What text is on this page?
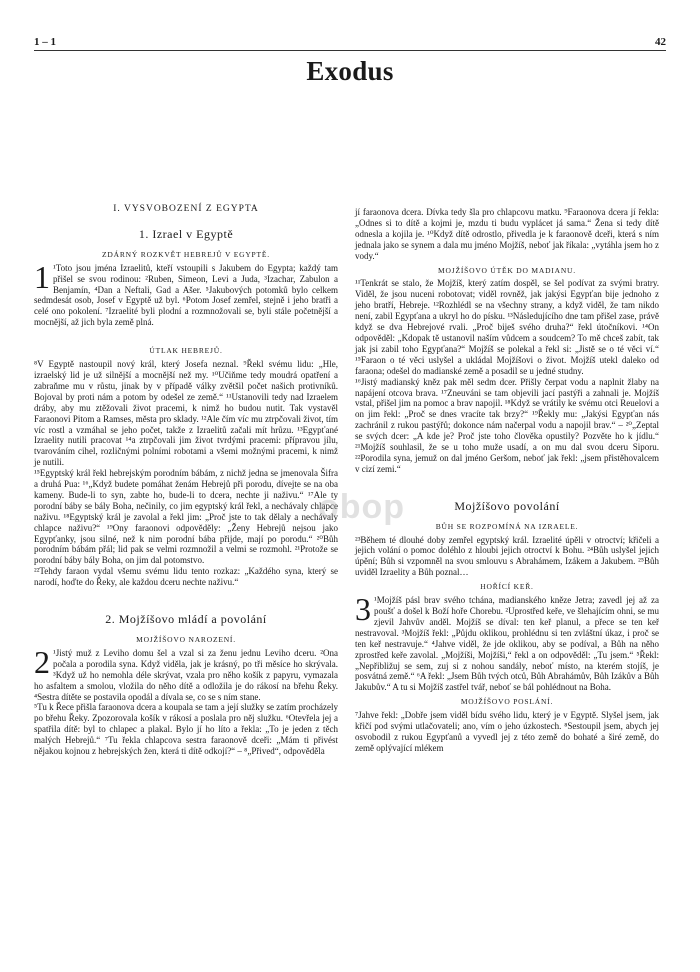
1 – 1	42
Exodus
I. VYSVOBOZENÍ Z EGYPTA
1. Izrael v Egyptě
ZDÁRNÝ ROZKVĚT HEBREJŮ V EGYPTĚ.

1 ¹Toto jsou jména Izraelitů, kteří vstoupili s Jakubem do Egypta; každý tam přišel se svou rodinou: ²Ruben, Simeon, Levi a Juda, ³Izachar, Zabulon a Benjamín, ⁴Dan a Neftali, Gad a Ašer. ⁵Jakubových potomků bylo celkem sedmdesát osob, Josef v Egyptě už byl. ⁶Potom Josef zemřel, stejně i jeho bratři a celé ono pokolení. ⁷Izraelité byli plodní a rozmnožovali se, byli stále početnější a mocnější, až jich byla země plná.

ÚTLAK HEBREJŮ.

⁸V Egyptě nastoupil nový král, který Josefa neznal. ⁹Řekl svému lidu: „Hle, izraelský lid je už silnější a mocnější než my. ¹⁰Učiňme tedy moudrá opatření a zabraňme mu v růstu, jinak by v případě války zvětšil počet našich protivníků. Bojoval by proti nám a potom by odešel ze země.“ ¹¹Ustanovili tedy nad Izraelem dráby, aby mu ztěžovali život pracemi, k nimž ho budou nutit. Tak vystavěl Faraonovi Pitom a Ramses, města pro sklady. ¹²Ale čím víc mu ztrpčovali život, tím víc rostl a vzmáhal se jeho počet, takže z Izraelitů začali mít hrůzu. ¹³Egypťané Izraelity nutili pracovat ¹⁴a ztrpčovali jim život tvrdými pracemi: přípravou jílu, tvarováním cihel, rozličnými polními robotami a všemi možnými pracemi, k nimž je nutili.

¹⁵Egyptský král řekl hebrejským porodním bábám, z nichž jedna se jmenovala Šifra a druhá Pua: ¹⁶„Když budete pomáhat ženám Hebrejů při porodu, dívejte se na oba kameny. Bude-li to syn, zabte ho, bude-li to dcera, nechte ji naživu.“ ¹⁷Ale ty porodní báby se bály Boha, nečinily, co jim egyptský král řekl, a nechávaly chlapce naživu. ¹⁸Egyptský král je zavolal a řekl jim: „Proč jste to tak dělaly a nechávaly chlapce naživu?“ ¹⁹Ony faraonovi odpověděly: „Ženy Hebrejů nejsou jako Egypťanky, jsou silné, než k nim porodní bába přijde, mají po porodu.“ ²⁰Bůh porodním bábám přál; lid pak se velmi rozmnožil a velmi se rozmohl. ²¹Protože se porodní báby bály Boha, on jim dal potomstvo.

²²Tehdy faraon vydal všemu svému lidu tento rozkaz: „Každého syna, který se narodí, hoďte do Řeky, ale každou dceru nechte naživu.“

2. Mojžíšovo mládí a povolání
MOJŽÍŠOVO NAROZENÍ.

2 ¹Jistý muž z Leviho domu šel a vzal si za ženu jednu Leviho dceru. ²Ona počala a porodila syna. Když viděla, jak je krásný, po tři měsíce ho skrývala. ³Když už ho nemohla déle skrývat, vzala pro něho košík z papyru, vymazala ho asfaltem a smolou, vložila do něho dítě a odložila je do rákosí na břehu Řeky. ⁴Sestra dítěte se postavila opodál a dívala se, co se s ním stane.

⁵Tu k Řece přišla faraonova dcera a koupala se tam a její služky se zatím procházely po břehu Řeky. Zpozorovala košík v rákosí a poslala pro něj služku. ⁶Otevřela jej a spatřila dítě: byl to chlapec a plakal. Bylo jí ho líto a řekla: „To je jeden z těch malých Hebrejů.“ ⁷Tu řekla chlapcova sestra faraonově dceři: „Mám ti přivést nějakou kojnou z hebrejských žen, která ti dítě odkojí?“ – ⁸„Přived“, odpověděla

jí faraonova dcera. Dívka tedy šla pro chlapcovu matku. ⁹Faraonova dcera jí řekla: „Odnes si to dítě a kojmi je, mzdu ti budu vyplácet já sama.“ Žena si tedy dítě odnesla a kojila je. ¹⁰Když dítě odrostlo, přivedla je k faraonově dceři, která s ním jednala jako se synem a dala mu jméno Mojžíš, neboť jak říkala: „vytáhla jsem ho z vody.“

MOJŽÍŠOVO ÚTĚK DO MADIANU.

¹¹Tenkrát se stalo, že Mojžíš, který zatím dospěl, se šel podívat za svými bratry. Viděl, že jsou nuceni robotovat; viděl rovněž, jak jakýsi Egypťan bije jednoho z jeho bratří, Hebreje. ¹²Rozhlédl se na všechny strany, a když viděl, že tam nikdo není, zabil Egypťana a ukryl ho do písku. ¹³Následujícího dne tam přišel zase, právě když se dva Hebrejové rvali. „Proč biješ svého druha?“ řekl útočníkovi. ¹⁴On odpověděl: „Kdopak tě ustanovil naším vůdcem a soudcem? To mě chceš zabít, tak jak jsi zabil toho Egypťana?“ Mojžíš se polekal a řekl si: „Jistě se o té věci ví.“ ¹⁵Faraon o té věci uslyšel a ukládal Mojžíšovi o život. Mojžíš utekl daleko od faraona; odešel do madianské země a posadil se u jedné studny.

¹⁶Jistý madianský kněz pak měl sedm dcer. Přišly čerpat vodu a naplnit žlaby na napájení otcova brava. ¹⁷Zneuváni se tam objevili jací pastýři a zahnali je. Mojžíš vstal, přišel jim na pomoc a brav napojil. ¹⁸Když se vrátily ke svému otci Reuelovi a on jim řekl: „Proč se dnes vracíte tak brzy?“ ¹⁹Řekly mu: „Jakýsi Egypťan nás zachránil z rukou pastýřů; dokonce nám načerpal vodu a napojil brav.“ – ²⁰„Zeptal se svých dcer: „A kde je? Proč jste toho člověka opustily? Pozvěte ho k jídlu.“ ²¹Mojžíš souhlasil, že se u toho muže usadí, a on mu dal svou dceru Siporu. ²²Porodila syna, jemuž on dal jméno Geršom, neboť jak řekl: „jsem přistěhovalcem v cizí zemi.“

Mojžíšovo povolání
BŮH SE ROZPOMÍNÁ NA IZRAELE.

²³Během té dlouhé doby zemřel egyptský král. Izraelité úpěli v otroctví; křičeli a jejich volání o pomoc doléhlo z hloubi jejich otroctví k Bohu. ²⁴Bůh uslyšel jejich úpění; Bůh si vzpomněl na svou smlouvu s Abrahámem, Izákem a Jakubem. ²⁵Bůh uviděl Izraelity a Bůh poznal…

HOŘÍCÍ KEŘ.

3 ¹Mojžíš pásl brav svého tchána, madianského kněze Jetra; zavedl jej až za poušť a došel k Boží hoře Chorebu. ²Uprostřed keře, ve šlehajícím ohni, se mu zjevil Jahvův anděl. Mojžíš se díval: ten keř planul, a přece se ten keř nestravoval. ³Mojžíš řekl: „Půjdu oklikou, prohlédnu si ten zvláštní úkaz, i proč se ten keř nestravuje.“ ⁴Jahve viděl, že jde oklikou, aby se podíval, a Bůh na něho zprostřed keře zavolal. „Mojžíši, Mojžíši,“ řekl a on odpověděl: „Tu jsem.“ ⁵Řekl: „Nepřibližuj se sem, zuj si z nohou sandály, neboť místo, na kterém stojíš, je posvátná země.“ ⁶A řekl: „Jsem Bůh tvých otců, Bůh Abrahámův, Bůh Izákův a Bůh Jakubův.“ A tu si Mojžíš zastřel tvář, neboť se bál pohlédnout na Boha.

MOJŽÍŠOVO POSLÁNÍ.

⁷Jahve řekl: „Dobře jsem viděl bídu svého lidu, který je v Egyptě. Slyšel jsem, jak křičí pod svými utlačovateli; ano, vím o jeho úzkostech. ⁸Sestoupil jsem, abych jej osvobodil z rukou Egypťanů a vyvedl jej z této země do bohaté a širé země, do země oplývající mlékem

obop
